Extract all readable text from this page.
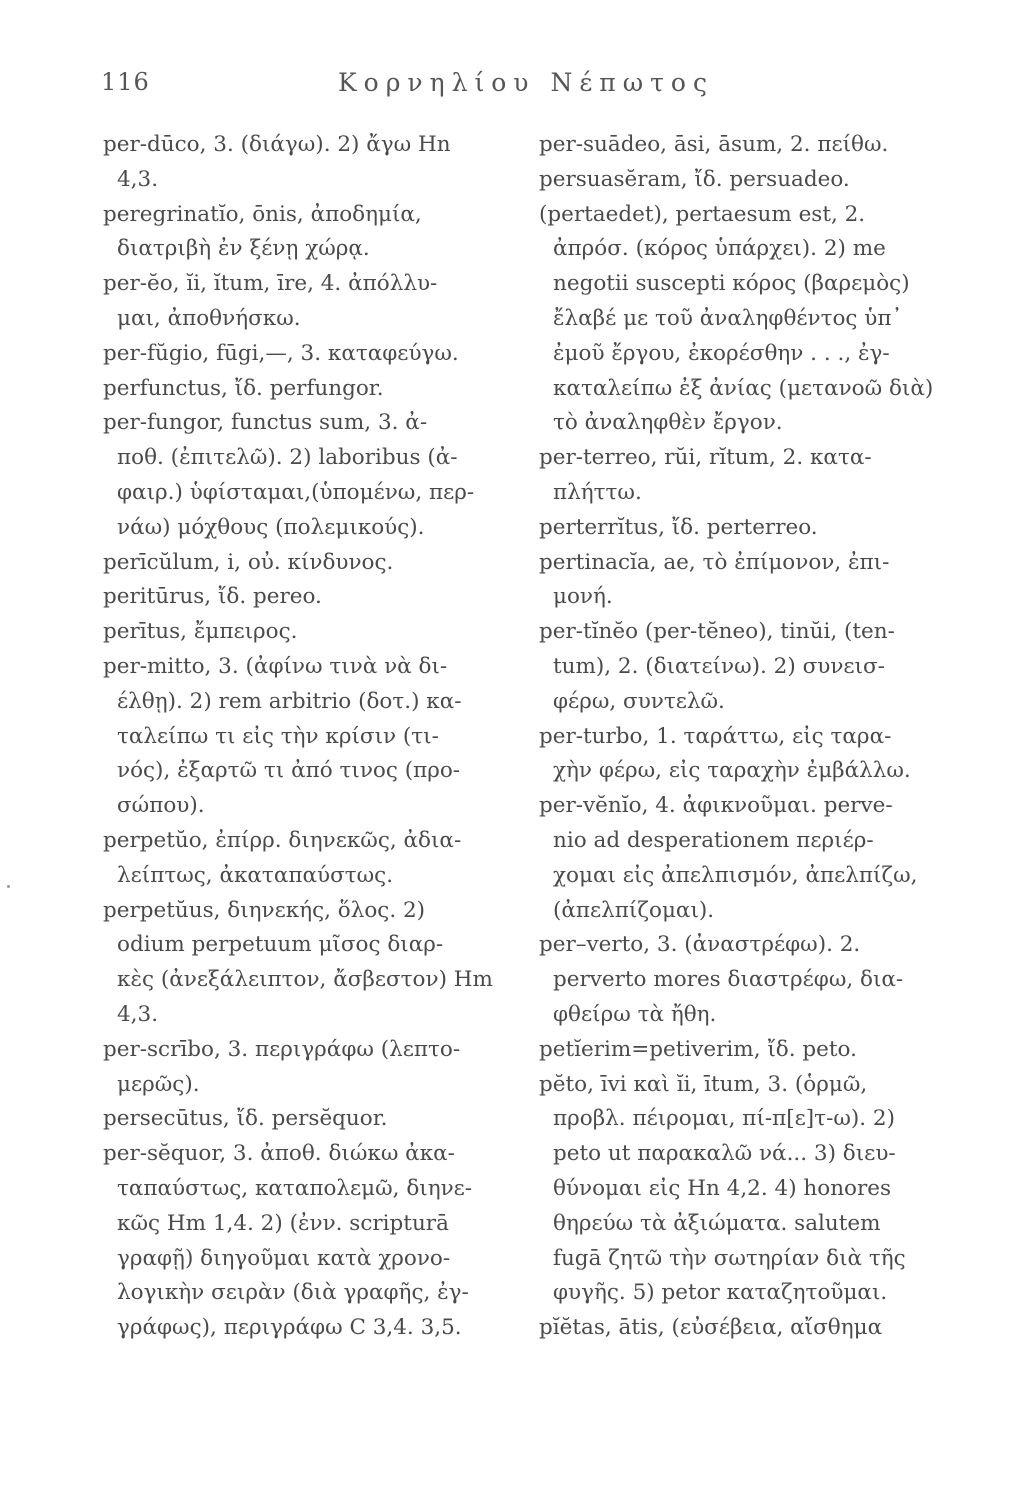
116	Κορνηλίου Νέπωτος
per-dūco, 3. (διάγω). 2) ἄγω Hn
4,3.
peregrinatĭo, ōnis, ἀποδημία,
διατριβὴ ἐν ξένῃ χώρᾳ.
per-ĕo, ĭi, ĭtum, īre, 4. ἀπόλλυ-
μαι, ἀποθνήσκω.
per-fŭgio, fūgi,—, 3. καταφεύγω.
perfunctus, ἴδ. perfungor.
per-fungor, functus sum, 3. ἀ-
ποθ. (ἐπιτελῶ). 2) laboribus (ἀ-
φαιρ.) ὑφίσταμαι,(ὑπομένω, περ-
νάω) μόχθους (πολεμικούς).
perīcŭlum, i, οὐ. κίνδυνος.
peritūrus, ἴδ. pereo.
perītus, ἔμπειρος.
per-mitto, 3. (ἀφίνω τινὰ νὰ δι-
έλθῃ). 2) rem arbitrio (δοτ.) κα-
ταλείπω τι εἰς τὴν κρίσιν (τι-
νός), ἐξαρτῶ τι ἀπό τινος (προ-
σώπου).
perpetŭo, ἐπίρρ. διηνεκῶς, ἀδια-
λείπτως, ἀκαταπαύστως.
perpetŭus, διηνεκής, ὅλος. 2)
odium perpetuum μῖσος διαρ-
κὲς (ἀνεξάλειπτον, ἄσβεστον) Hm
4,3.
per-scrībo, 3. περιγράφω (λεπτο-
μερῶς).
persecūtus, ἴδ. persĕquor.
per-sĕquor, 3. ἀποθ. διώκω ἀκα-
ταπαύστως, καταπολεμῶ, διηνε-
κῶς Hm 1,4. 2) (ἐνν. scripturā
γραφῇ) διηγοῦμαι κατὰ χρονο-
λογικὴν σειρὰν (διὰ γραφῆς, ἐγ-
γράφως), περιγράφω C 3,4. 3,5.
per-suādeo, āsi, āsum, 2. πείθω.
persuasĕram, ἴδ. persuadeo.
(pertaedet), pertaesum est, 2.
ἀπρόσ. (κόρος ὑπάρχει). 2) me
negotii suscepti κόρος (βαρεμὸς)
ἔλαβέ με τοῦ ἀναληφθέντος ὑπ᾽
ἐμοῦ ἔργου, ἐκορέσθην . . ., ἐγ-
καταλείπω ἐξ ἀνίας (μετανοῶ διὰ)
τὸ ἀναληφθὲν ἔργον.
per-terreo, rŭi, rĭtum, 2. κατα-
πλήττω.
perterrĭtus, ἴδ. perterreo.
pertinacĭa, ae, τὸ ἐπίμονον, ἐπι-
μονή.
per-tĭnĕo (per-tĕneo), tinŭi, (ten-
tum), 2. (διατείνω). 2) συνεισ-
φέρω, συντελῶ.
per-turbo, 1. ταράττω, εἰς ταρα-
χὴν φέρω, εἰς ταραχὴν ἐμβάλλω.
per-vĕnĭo, 4. ἀφικνοῦμαι. perve-
nio ad desperationem περιέρ-
χομαι εἰς ἀπελπισμόν, ἀπελπίζω,
(ἀπελπίζομαι).
per–verto, 3. (ἀναστρέφω). 2.
perverto mores διαστρέφω, δια-
φθείρω τὰ ἤθη.
petĭerim=petiverim, ἴδ. peto.
pĕto, īvi καὶ ĭi, ītum, 3. (ὁρμῶ,
προβλ. πέιρομαι, πί-π[ε]τ-ω). 2)
peto ut παρακαλῶ νά... 3) διευ-
θύνομαι εἰς Hn 4,2. 4) honores
θηρεύω τὰ ἀξιώματα. salutem
fugā ζητῶ τὴν σωτηρίαν διὰ τῆς
φυγῆς. 5) petor καταζητοῦμαι.
pĭĕtas, ātis, (εὐσέβεια, αἴσθημα
